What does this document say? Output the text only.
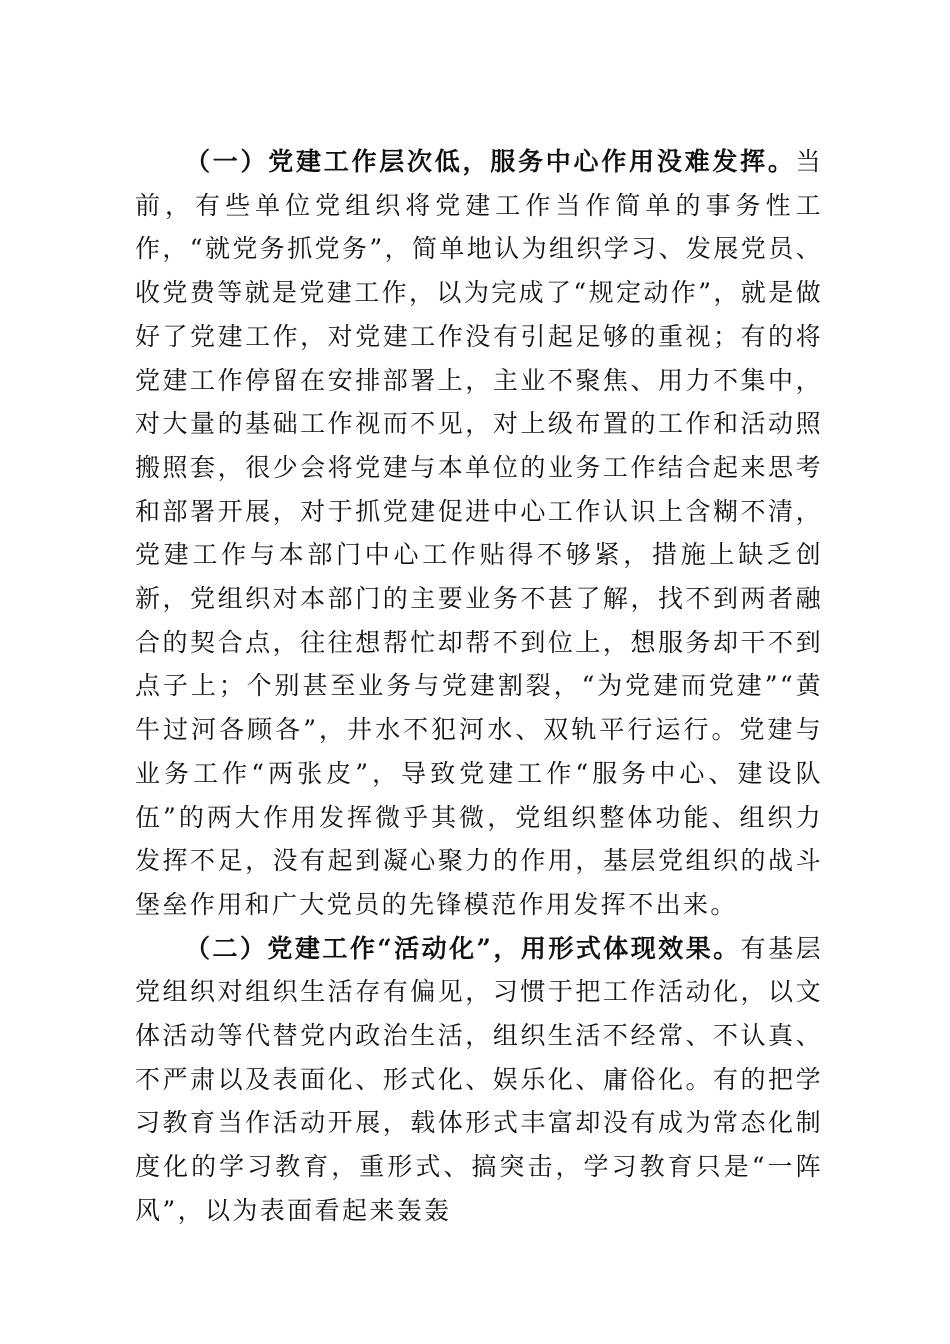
（一）党建工作层次低，服务中心作用没难发挥。当前，有些单位党组织将党建工作当作简单的事务性工作，“就党务抓党务”，简单地认为组织学习、发展党员、收党费等就是党建工作，以为完成了“规定动作”，就是做好了党建工作，对党建工作没有引起足够的重视；有的将党建工作停留在安排部署上，主业不聚焦、用力不集中，对大量的基础工作视而不见，对上级布置的工作和活动照搬照套，很少会将党建与本单位的业务工作结合起来思考和部署开展，对于抓党建促进中心工作认识上含糊不清，党建工作与本部门中心工作贴得不够紧，措施上缺乏创新，党组织对本部门的主要业务不甚了解，找不到两者融合的契合点，往往想帮忙却帮不到位上，想服务却干不到点子上；个别甚至业务与党建割裂，“为党建而党建”“黄牛过河各顾各”，井水不犯河水、双轨平行运行。党建与业务工作“两张皮”，导致党建工作“服务中心、建设队伍”的两大作用发挥微乎其微，党组织整体功能、组织力发挥不足，没有起到凝心聚力的作用，基层党组织的战斗堡垒作用和广大党员的先锋模范作用发挥不出来。

（二）党建工作“活动化”，用形式体现效果。有基层党组织对组织生活存有偏见，习惯于把工作活动化，以文体活动等代替党内政治生活，组织生活不经常、不认真、不严肃以及表面化、形式化、娱乐化、庸俗化。有的把学习教育当作活动开展，载体形式丰富却没有成为常态化制度化的学习教育，重形式、搞突击，学习教育只是“一阵风”，以为表面看起来轰轰
